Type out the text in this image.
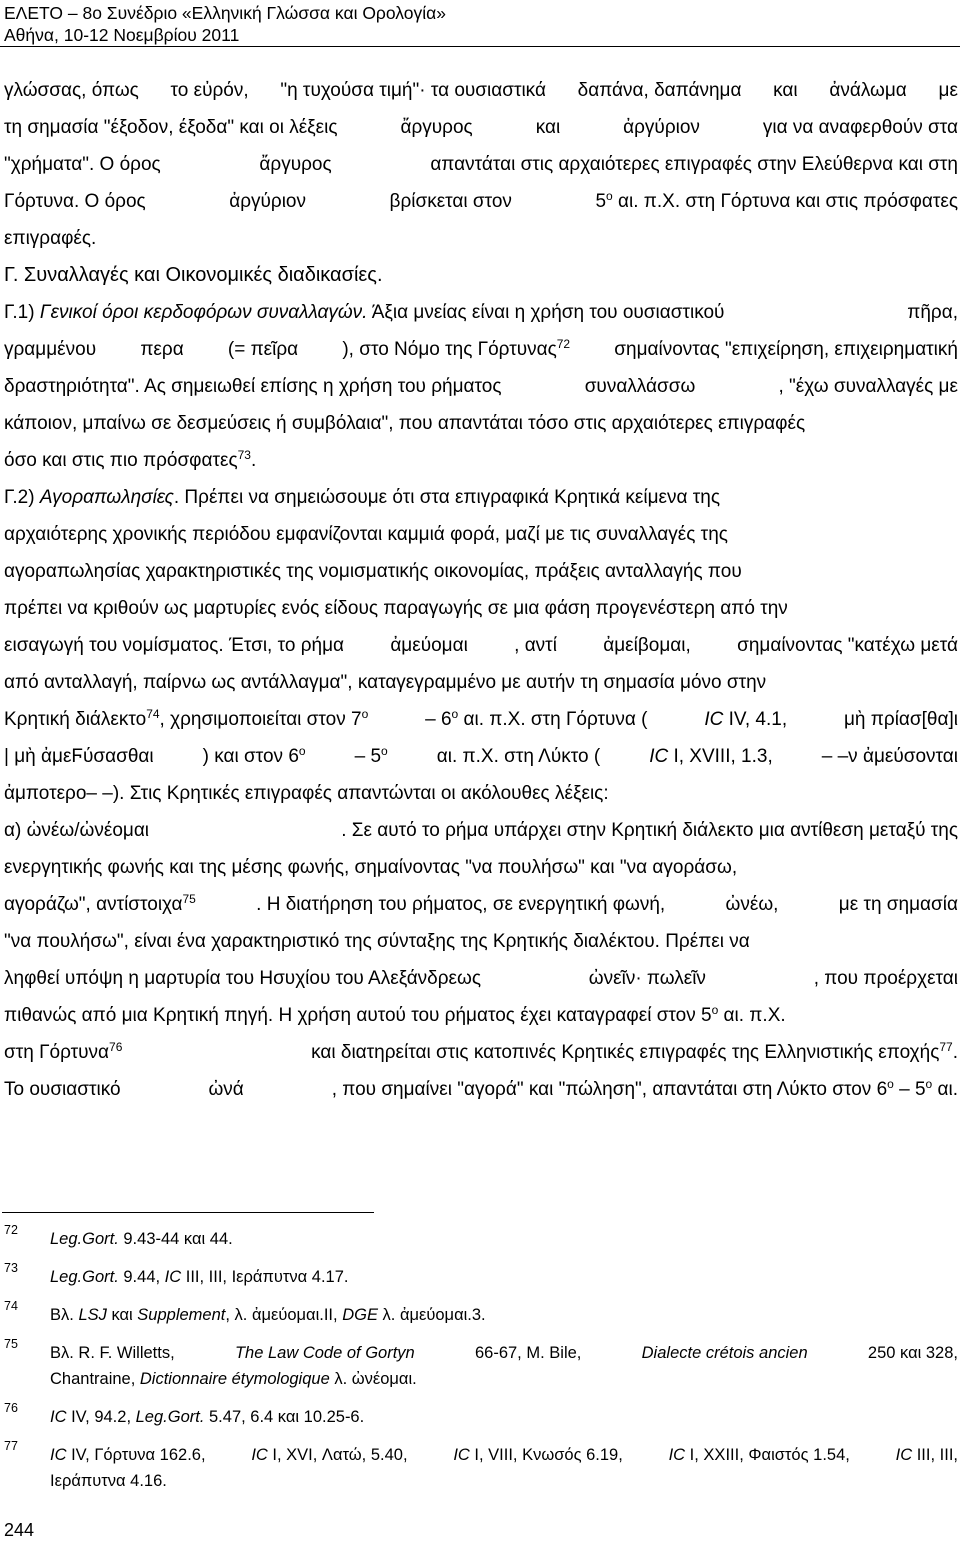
ΕΛΕΤΟ – 8ο Συνέδριο «Ελληνική Γλώσσα και Ορολογία»
Αθήνα, 10-12 Νοεμβρίου 2011
γλώσσας, όπως το εὐρόν, "η τυχούσα τιμή"· τα ουσιαστικά δαπάνα, δαπάνημα και ἀνάλωμα με
τη σημασία "έξοδον, έξοδα" και οι λέξεις	ἄργυρος	και	ἀργύριον	για να αναφερθούν στα
"χρήματα". Ο όρος	ἄργυρος	απαντάται στις αρχαιότερες επιγραφές στην Ελεύθερνα και στη
Γόρτυνα. Ο όρος	ἀργύριον	βρίσκεται στον	$5^o$ αι. π.Χ. στη Γόρτυνα και στις πρόσφατες
επιγραφές.
Γ. Συναλλαγές και Οικονομικές διαδικασίες.
Γ.1) Γενικοί όροι κερδοφόρων συναλλαγών. Άξια μνείας είναι η χρήση του ουσιαστικού	πῆρα,
γραμμένου περα (= πεῖρα ), στο Νόμο της Γόρτυνας$^{72}$ σημαίνοντας "επιχείρηση, επιχειρηματική
δραστηριότητα". Ας σημειωθεί επίσης η χρήση του ρήματος	συναλλάσσω	, "έχω συναλλαγές με
κάποιον, μπαίνω σε δεσμεύσεις ή συμβόλαια", που απαντάται τόσο στις αρχαιότερες επιγραφές
όσο και στις πιο πρόσφατες$^{73}$.
Γ.2) Αγοραπωλησίες. Πρέπει να σημειώσουμε ότι στα επιγραφικά Κρητικά κείμενα της
αρχαιότερης χρονικής περιόδου εμφανίζονται καμμιά φορά, μαζί με τις συναλλαγές της
αγοραπωλησίας χαρακτηριστικές της νομισματικής οικονομίας, πράξεις ανταλλαγής που
πρέπει να κριθούν ως μαρτυρίες ενός είδους παραγωγής σε μια φάση προγενέστερη από την
εισαγωγή του νομίσματος. Έτσι, το ρήμα ἀμεύομαι , αντί ἀμείβομαι, σημαίνοντας "κατέχω μετά
από ανταλλαγή, παίρνω ως αντάλλαγμα", καταγεγραμμένο με αυτήν τη σημασία μόνο στην
Κρητική διάλεκτο$^{74}$, χρησιμοποιείται στον $7^o$	– $6^o$ αι. π.Χ. στη Γόρτυνα (	IC IV, 4.1,	μὴ πρίασ[θα]ι
| μὴ ἀμεϜύσασθαι	) και στον $6^o$	– $5^o$	αι. π.Χ. στη Λύκτο (	IC I, XVIII, 1.3,	– –ν ἀμεύσονται
ἀμποτερο– –). Στις Κρητικές επιγραφές απαντώνται οι ακόλουθες λέξεις:
α) ὠνέω/ὠνέομαι	. Σε αυτό το ρήμα υπάρχει στην Κρητική διάλεκτο μια αντίθεση μεταξύ της
ενεργητικής φωνής και της μέσης φωνής, σημαίνοντας "να πουλήσω" και "να αγοράσω,
αγοράζω", αντίστοιχα$^{75}$	. Η διατήρηση του ρήματος, σε ενεργητική φωνή,	ὠνέω,	με τη σημασία
"να πουλήσω", είναι ένα χαρακτηριστικό της σύνταξης της Κρητικής διαλέκτου. Πρέπει να
ληφθεί υπόψη η μαρτυρία του Ησυχίου του Αλεξάνδρεως	ὠνεῖν· πωλεῖν	, που προέρχεται
πιθανώς από μια Κρητική πηγή. Η χρήση αυτού του ρήματος έχει καταγραφεί στον $5^o$ αι. π.Χ.
στη Γόρτυνα$^{76}$	και διατηρείται στις κατοπινές Κρητικές επιγραφές της Ελληνιστικής εποχής$^{77}$.
Το ουσιαστικό	ὠνά	, που σημαίνει "αγορά" και "πώληση", απαντάται στη Λύκτο στον $6^o - 5^o$ αι.
72 Leg.Gort. 9.43-44 και 44.
73 Leg.Gort. 9.44, IC III, III, Ιεράπυτνα 4.17.
74 Βλ. LSJ και Supplement, λ. ἀμεύομαι.ΙΙ, DGE λ. ἀμεύομαι.3.
75 Βλ. R. F. Willetts,	The Law Code of Gortyn	66-67, M. Bile,	Dialecte crétois ancien	250 και 328,
Chantraine, Dictionnaire étymologique λ. ὠνέομαι.
76 IC IV, 94.2, Leg.Gort. 5.47, 6.4 και 10.25-6.
77 IC IV, Γόρτυνα 162.6,	IC I, XVI, Λατώ, 5.40,	IC I, VIII, Κνωσός 6.19,	IC I, XXIII, Φαιστός 1.54,	IC III, III,
Ιεράπυτνα 4.16.
244
